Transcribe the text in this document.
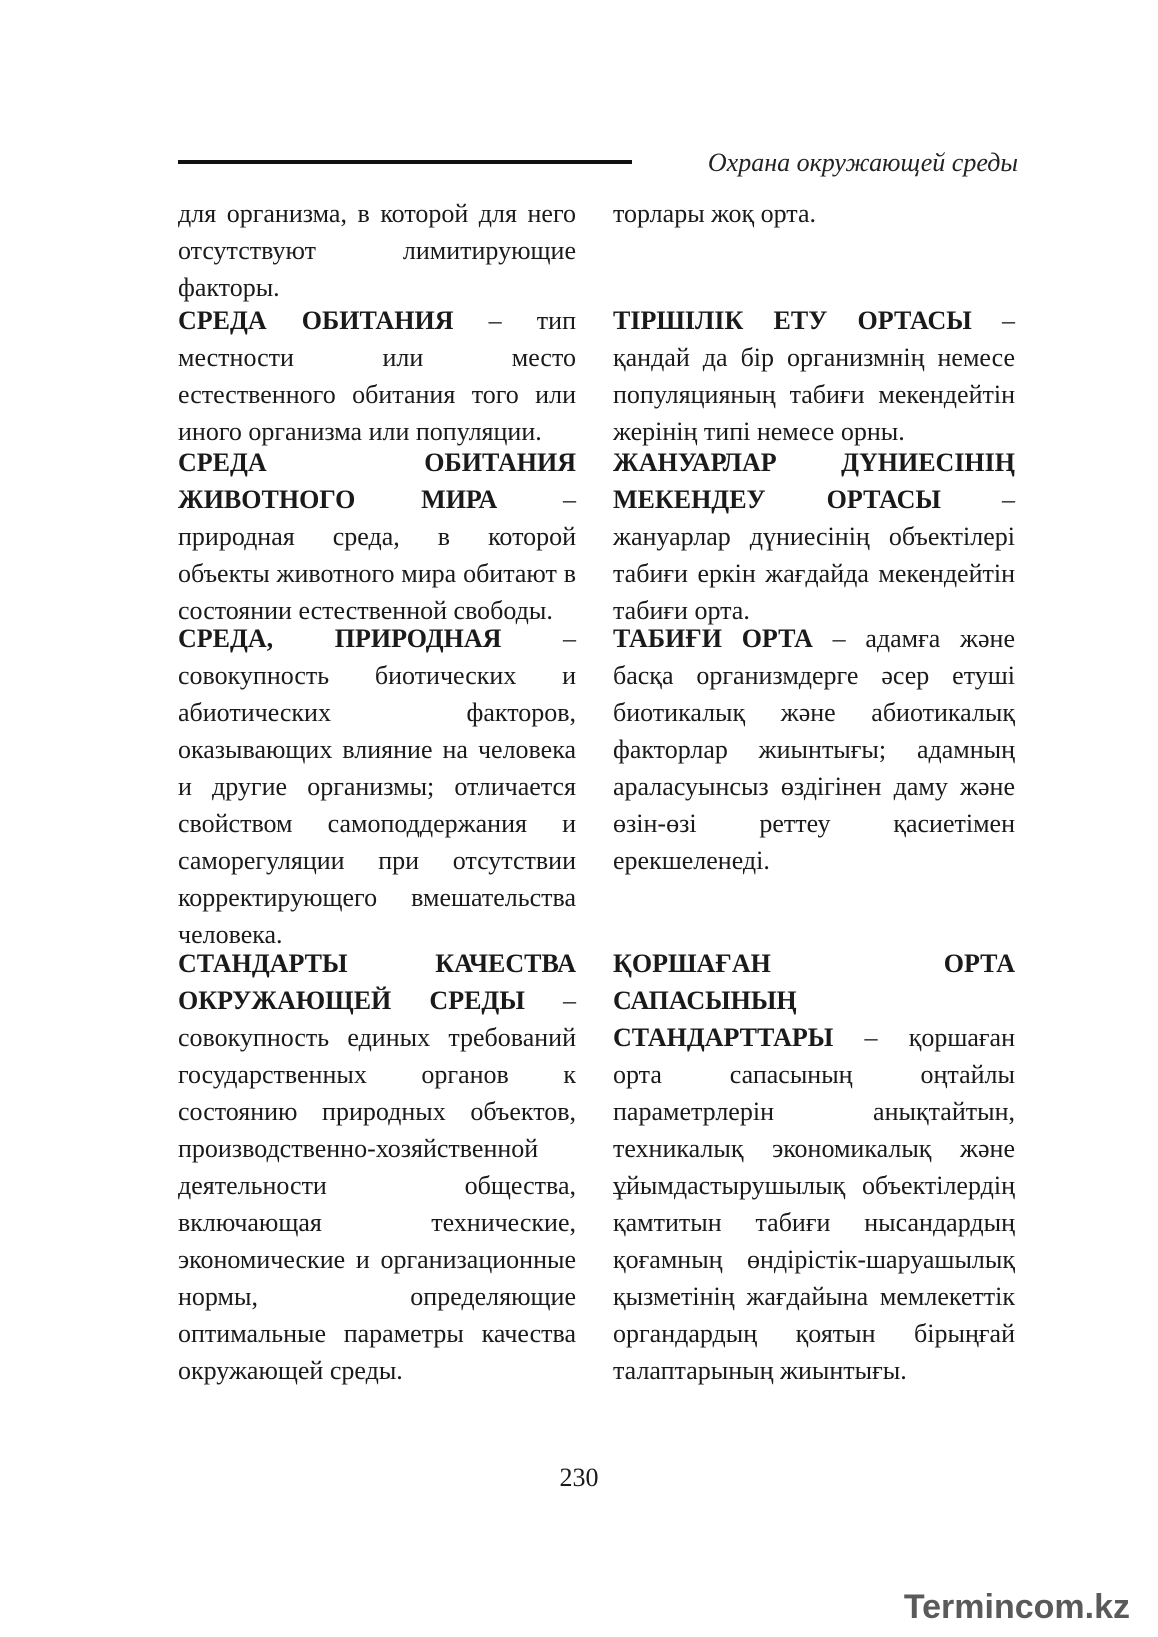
Охрана окружающей среды

для организма, в которой для него отсутствуют лимитирующие факторы.

СРЕДА ОБИТАНИЯ – тип местности или место естественного обитания того или иного организма или популяции.

СРЕДА ОБИТАНИЯ ЖИВОТНОГО МИРА – природная среда, в которой объекты животного мира обитают в состоянии естественной свободы.

СРЕДА, ПРИРОДНАЯ – совокупность биотических и абиотических факторов, оказывающих влияние на человека и другие организмы; отличается свойством самоподдержания и саморегуляции при отсутствии корректирующего вмешательства человека.

СТАНДАРТЫ КАЧЕСТВА ОКРУЖАЮЩЕЙ СРЕДЫ – совокупность единых требований государственных органов к состоянию природных объектов, производственно-хозяйственной деятельности общества, включающая технические, экономические и организационные нормы, определяющие оптимальные параметры качества окружающей среды.

торлары жоқ орта.

ТІРШІЛІК ЕТУ ОРТАСЫ – қандай да бір организмнің немесе популяцияның табиғи мекендейтін жерінің типі немесе орны.

ЖАНУАРЛАР ДҮНИЕСІНІҢ МЕКЕНДЕУ ОРТАСЫ – жануарлар дүниесінің объектілері табиғи еркін жағдайда мекендейтін табиғи орта.

ТАБИҒИ ОРТА – адамға және басқа организмдерге әсер етуші биотикалық және абиотикалық факторлар жиынтығы; адамның араласуынсыз өздігінен даму және өзін-өзі реттеу қасиетімен ерекшеленеді.

ҚОРШАҒАН ОРТА САПАСЫНЫҢ СТАНДАРТТАРЫ – қоршаған орта сапасының оңтайлы параметрлерін анықтайтын, техникалық экономикалық және ұйымдастырушылық объектілердің қамтитын табиғи нысандардың қоғамның өндірістік-шаруашылық қызметінің жағдайына мемлекеттік органдардың қоятын бірыңғай талаптарының жиынтығы.

230
Termincom.kz
